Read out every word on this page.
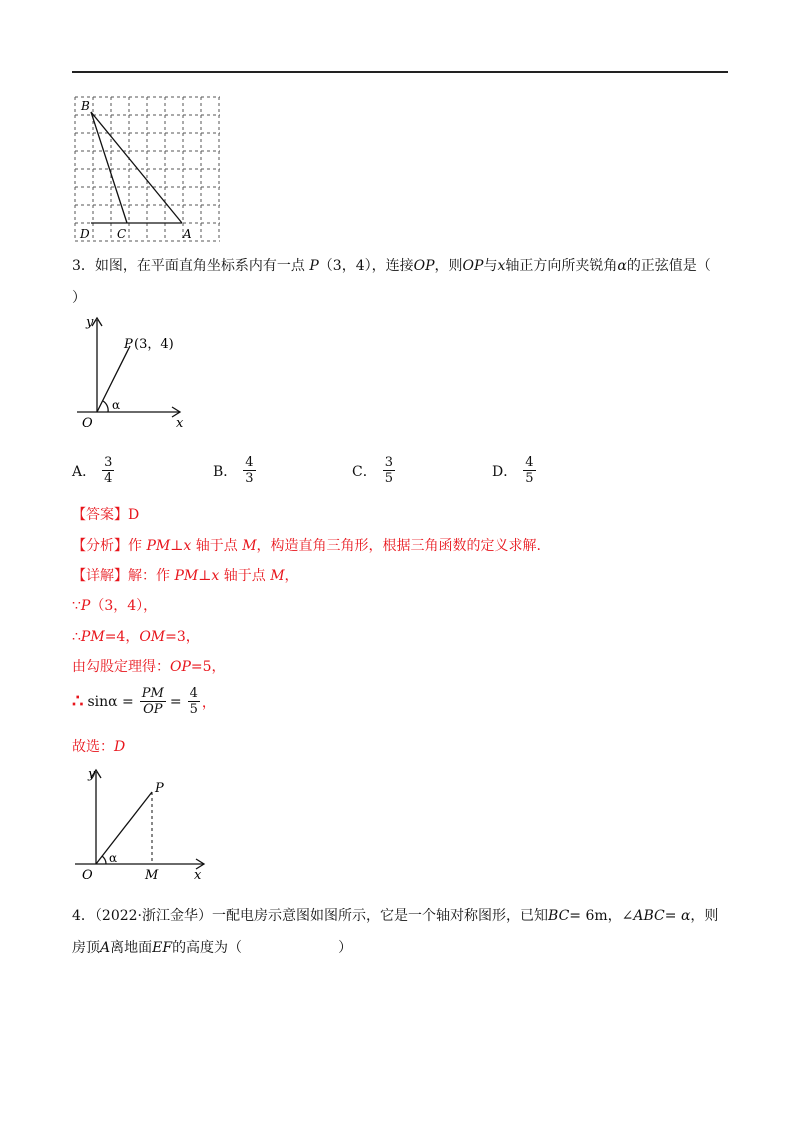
B
D C	A
3．如图，在平面直角坐标系内有一点 P（3，4），连接OP，则OP与x轴正方向所夹锐角α的正弦值是（
）
y
x
O
P (3，4)
α
A． $\frac{3}{4}$	B． $\frac{4}{3}$	C． $\frac{3}{5}$	D． $\frac{4}{5}$
【答案】D
【分析】作 PM⊥x 轴于点 M，构造直角三角形，根据三角函数的定义求解.
【详解】解：作 PM⊥x 轴于点 M，
∵P（3，4），
∴PM=4，OM=3，
由勾股定理得：OP=5，
∴ $\sin\alpha = \frac{PM}{OP} = \frac{4}{5}$ ，
故选：D
y
x
O
P
M
α
4．（2022·浙江金华）一配电房示意图如图所示，它是一个轴对称图形，已知BC= 6m，∠ABC= α，则
房顶A离地面EF的高度为（	）
